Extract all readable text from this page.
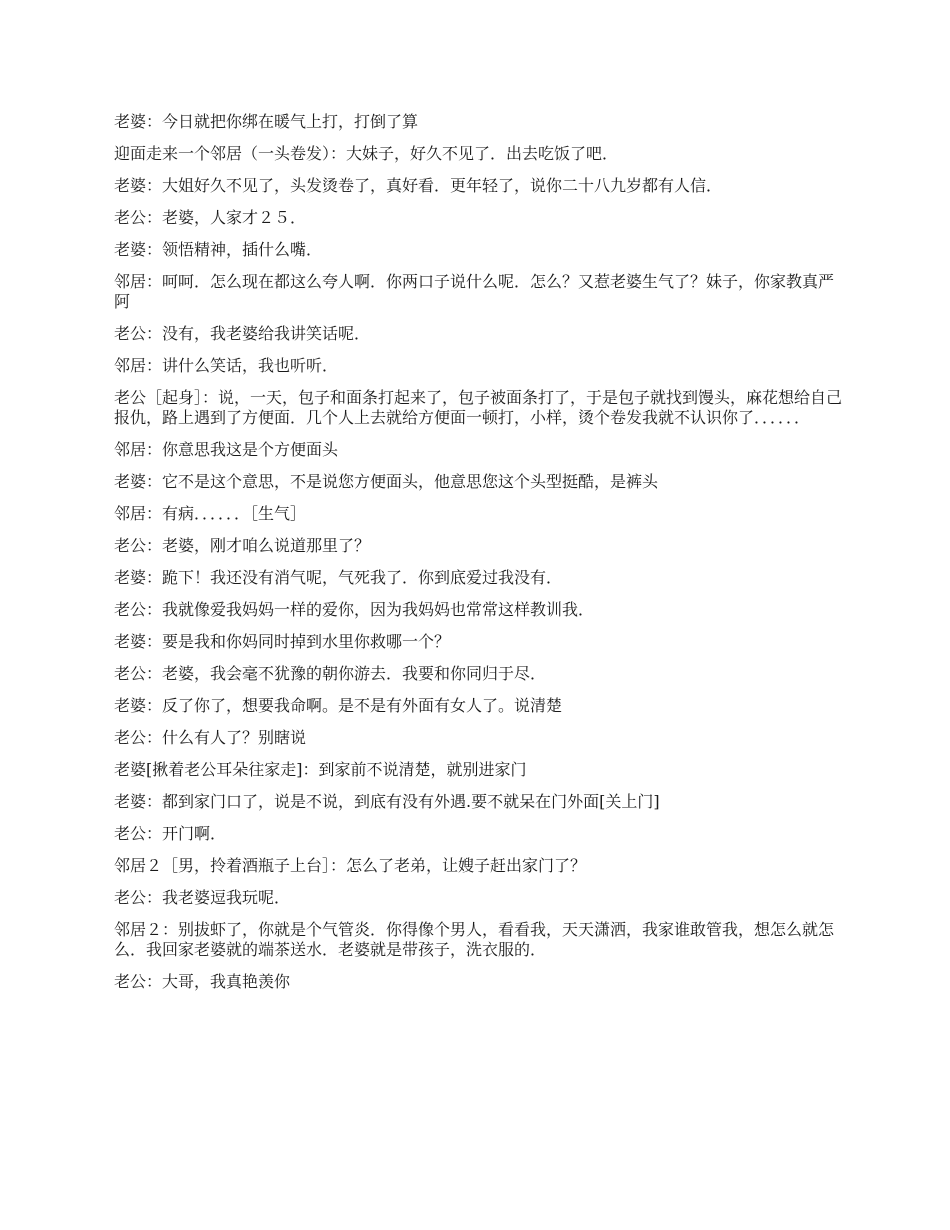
老婆：今日就把你绑在暖气上打，打倒了算

迎面走来一个邻居（一头卷发）：大妹子，好久不见了．出去吃饭了吧．

老婆：大姐好久不见了，头发烫卷了，真好看．更年轻了，说你二十八九岁都有人信．

老公：老婆，人家才２５．

老婆：领悟精神，插什么嘴．

邻居：呵呵．怎么现在都这么夸人啊．你两口子说什么呢．怎么？又惹老婆生气了？妹子，你家教真严阿

老公：没有，我老婆给我讲笑话呢．

邻居：讲什么笑话，我也听听．

老公［起身］：说，一天，包子和面条打起来了，包子被面条打了，于是包子就找到馒头，麻花想给自己报仇，路上遇到了方便面．几个人上去就给方便面一顿打，小样，烫个卷发我就不认识你了．．．．．．

邻居：你意思我这是个方便面头

老婆：它不是这个意思，不是说您方便面头，他意思您这个头型挺酷，是裤头

邻居：有病．．．．．．［生气］

老公：老婆，刚才咱么说道那里了？

老婆：跪下！我还没有消气呢，气死我了．你到底爱过我没有．

老公：我就像爱我妈妈一样的爱你，因为我妈妈也常常这样教训我．

老婆：要是我和你妈同时掉到水里你救哪一个？

老公：老婆，我会毫不犹豫的朝你游去．我要和你同归于尽．

老婆：反了你了，想要我命啊。是不是有外面有女人了。说清楚

老公：什么有人了？别瞎说

老婆[揪着老公耳朵往家走]：到家前不说清楚，就别进家门

老婆：都到家门口了，说是不说，到底有没有外遇.要不就呆在门外面[关上门]

老公：开门啊．

邻居２［男，拎着酒瓶子上台］：怎么了老弟，让嫂子赶出家门了？

老公：我老婆逗我玩呢．

邻居２：别拔虾了，你就是个气管炎．你得像个男人，看看我，天天潇洒，我家谁敢管我，想怎么就怎么．我回家老婆就的端茶送水．老婆就是带孩子，洗衣服的．

老公：大哥，我真艳羡你
